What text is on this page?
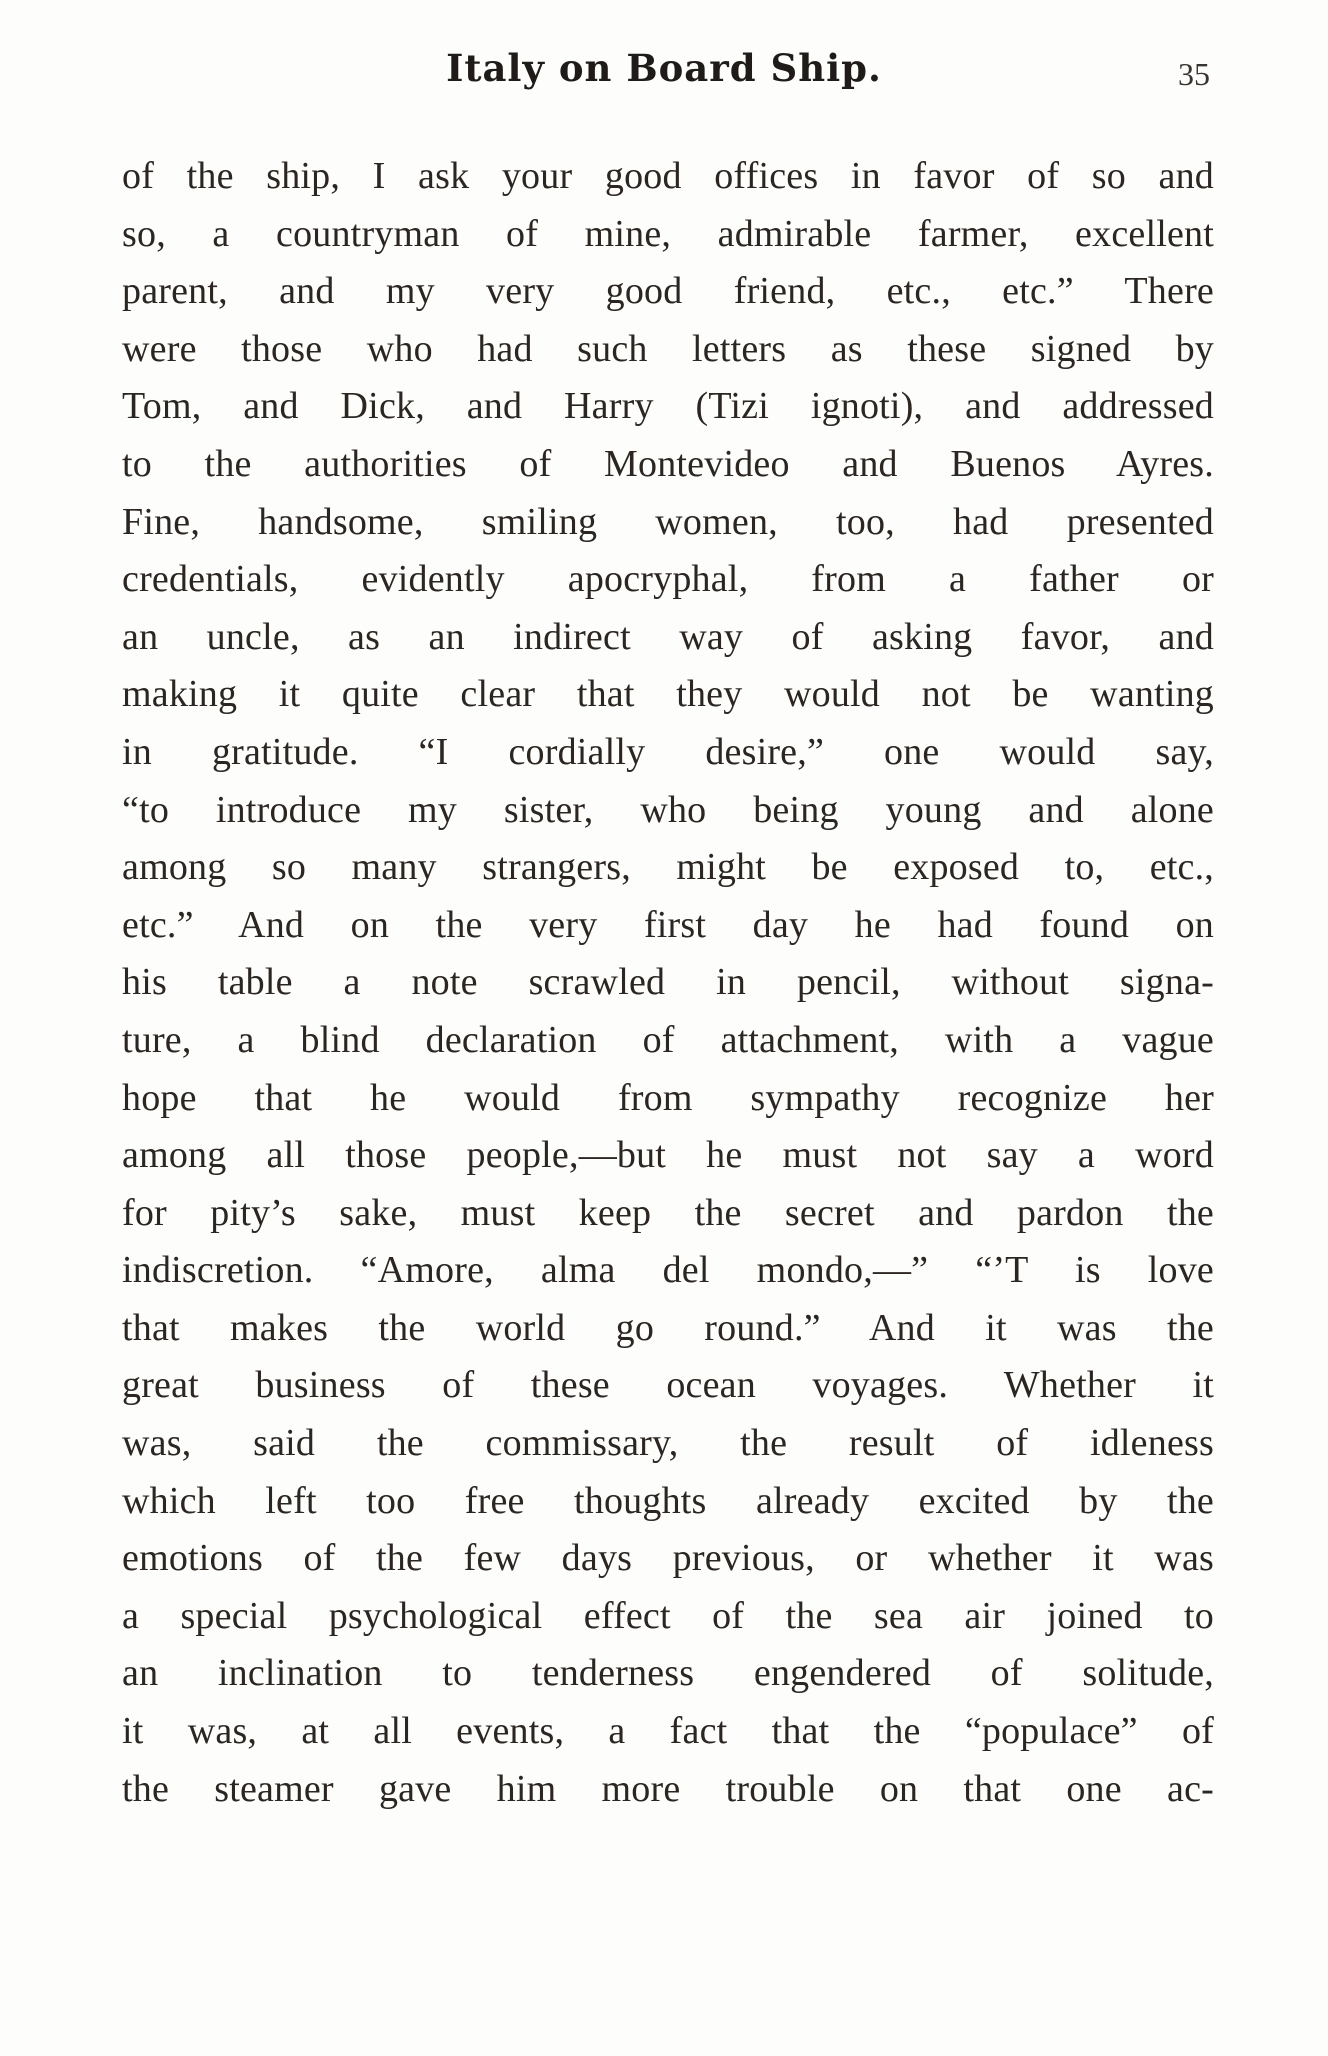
Italy on Board Ship.	35
of the ship, I ask your good offices in favor of so and
so, a countryman of mine, admirable farmer, excellent
parent, and my very good friend, etc., etc.” There
were those who had such letters as these signed by
Tom, and Dick, and Harry (Tizi ignoti), and addressed
to the authorities of Montevideo and Buenos Ayres.
Fine, handsome, smiling women, too, had presented
credentials, evidently apocryphal, from a father or
an uncle, as an indirect way of asking favor, and
making it quite clear that they would not be wanting
in gratitude. “I cordially desire,” one would say,
“to introduce my sister, who being young and alone
among so many strangers, might be exposed to, etc.,
etc.” And on the very first day he had found on
his table a note scrawled in pencil, without signa-
ture, a blind declaration of attachment, with a vague
hope that he would from sympathy recognize her
among all those people,—but he must not say a word
for pity’s sake, must keep the secret and pardon the
indiscretion. “Amore, alma del mondo,—” “’T is love
that makes the world go round.” And it was the
great business of these ocean voyages. Whether it
was, said the commissary, the result of idleness
which left too free thoughts already excited by the
emotions of the few days previous, or whether it was
a special psychological effect of the sea air joined to
an inclination to tenderness engendered of solitude,
it was, at all events, a fact that the “populace” of
the steamer gave him more trouble on that one ac-
